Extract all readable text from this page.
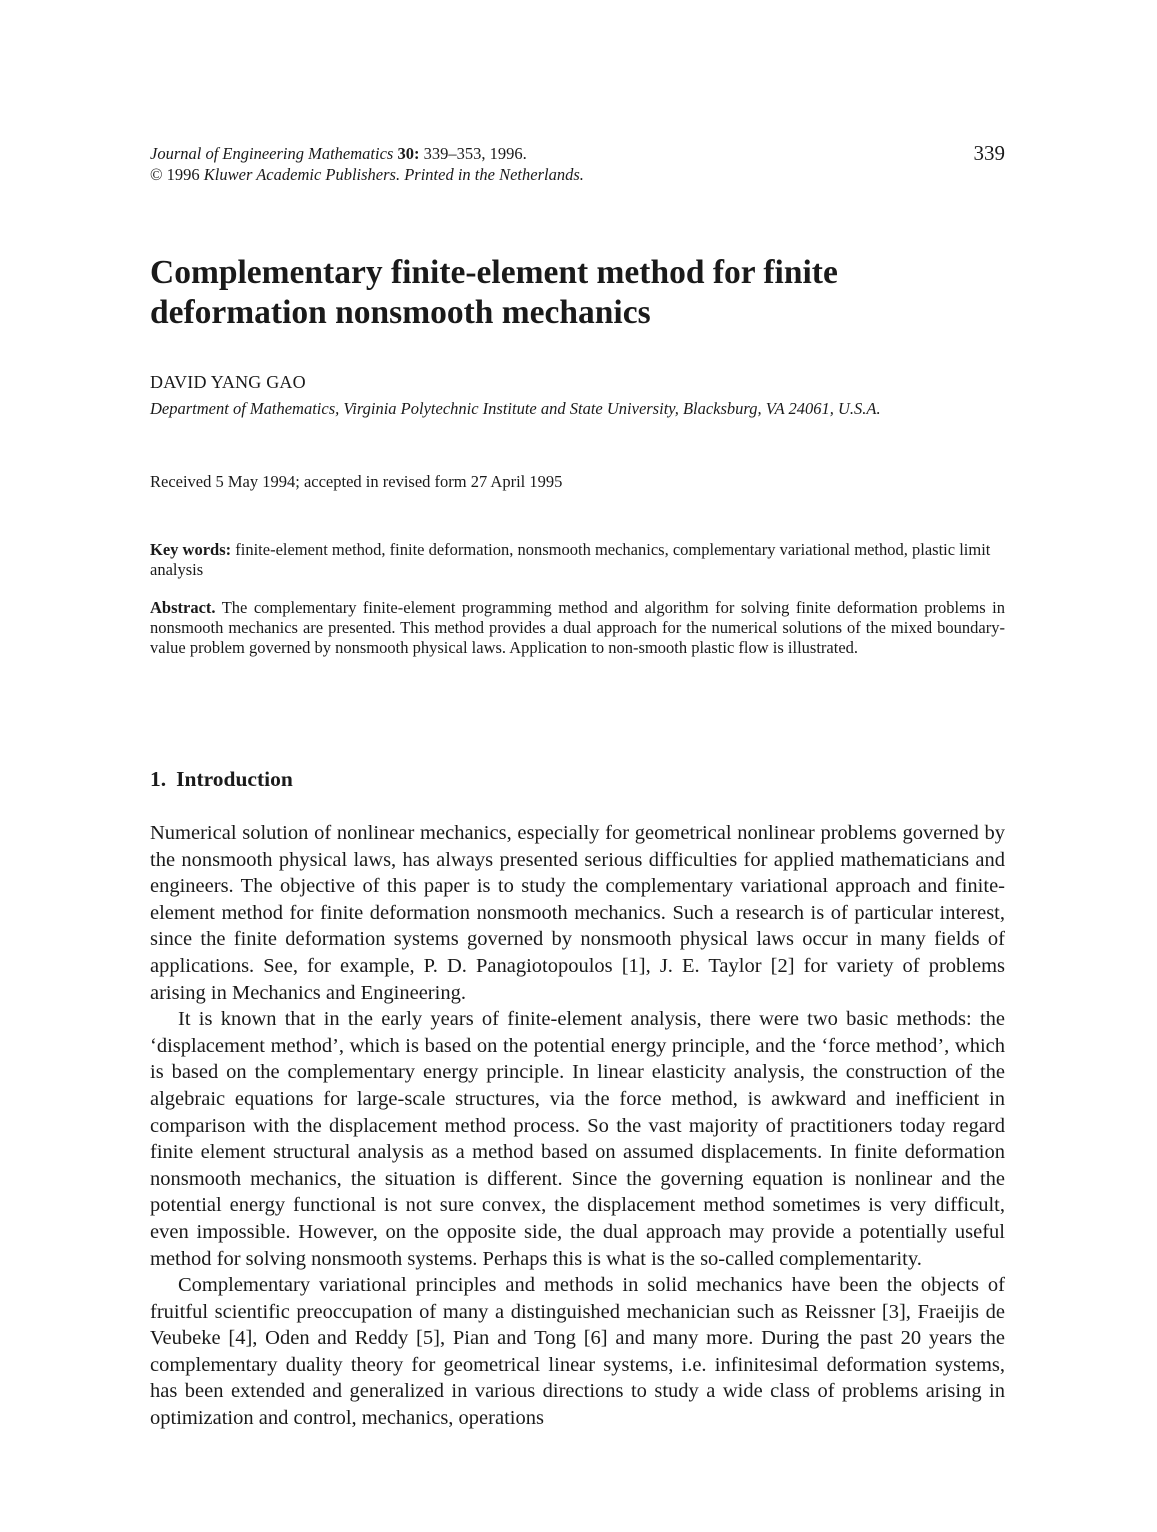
Journal of Engineering Mathematics 30: 339–353, 1996.
© 1996 Kluwer Academic Publishers. Printed in the Netherlands.
339
Complementary finite-element method for finite
deformation nonsmooth mechanics
DAVID YANG GAO
Department of Mathematics, Virginia Polytechnic Institute and State University, Blacksburg, VA 24061, U.S.A.
Received 5 May 1994; accepted in revised form 27 April 1995
Key words: finite-element method, finite deformation, nonsmooth mechanics, complementary variational method, plastic limit analysis
Abstract. The complementary finite-element programming method and algorithm for solving finite deformation problems in nonsmooth mechanics are presented. This method provides a dual approach for the numerical solutions of the mixed boundary-value problem governed by nonsmooth physical laws. Application to non-smooth plastic flow is illustrated.
1. Introduction

Numerical solution of nonlinear mechanics, especially for geometrical nonlinear problems governed by the nonsmooth physical laws, has always presented serious difficulties for applied mathematicians and engineers. The objective of this paper is to study the complementary variational approach and finite-element method for finite deformation nonsmooth mechanics. Such a research is of particular interest, since the finite deformation systems governed by nonsmooth physical laws occur in many fields of applications. See, for example, P. D. Panagiotopoulos [1], J. E. Taylor [2] for variety of problems arising in Mechanics and Engineering.

It is known that in the early years of finite-element analysis, there were two basic methods: the ‘displacement method’, which is based on the potential energy principle, and the ‘force method’, which is based on the complementary energy principle. In linear elasticity analysis, the construction of the algebraic equations for large-scale structures, via the force method, is awkward and inefficient in comparison with the displacement method process. So the vast majority of practitioners today regard finite element structural analysis as a method based on assumed displacements. In finite deformation nonsmooth mechanics, the situation is different. Since the governing equation is nonlinear and the potential energy functional is not sure convex, the displacement method sometimes is very difficult, even impossible. However, on the opposite side, the dual approach may provide a potentially useful method for solving nonsmooth systems. Perhaps this is what is the so-called complementarity.

Complementary variational principles and methods in solid mechanics have been the objects of fruitful scientific preoccupation of many a distinguished mechanician such as Reissner [3], Fraeijis de Veubeke [4], Oden and Reddy [5], Pian and Tong [6] and many more. During the past 20 years the complementary duality theory for geometrical linear systems, i.e. infinitesimal deformation systems, has been extended and generalized in various directions to study a wide class of problems arising in optimization and control, mechanics, operations
